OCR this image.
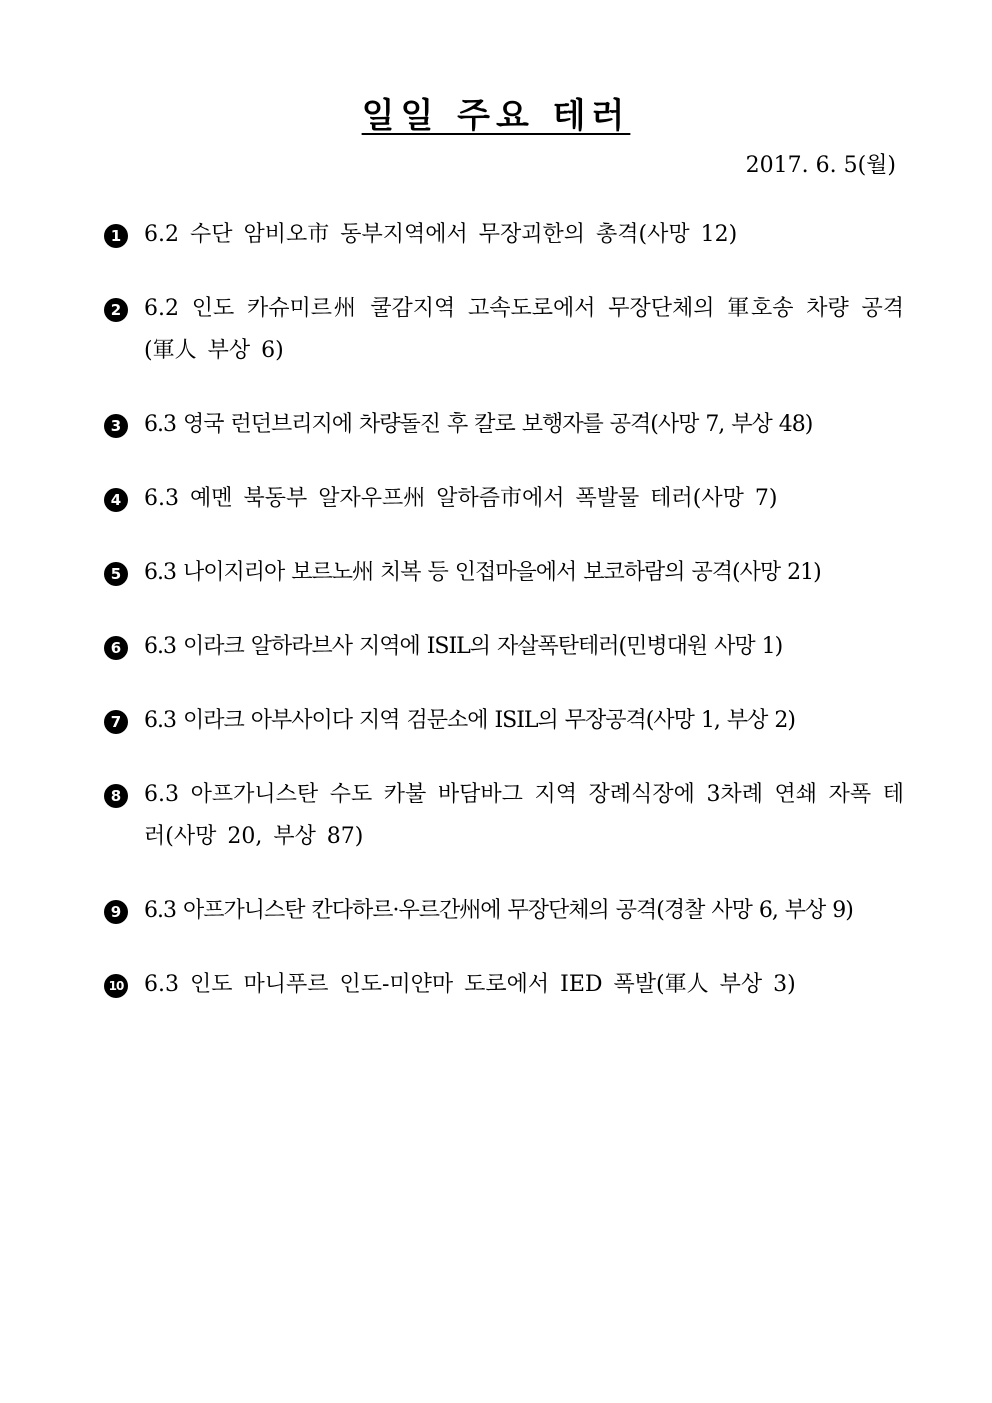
일일 주요 테러

2017. 6. 5(월)

1	6.2 수단 암비오市 동부지역에서 무장괴한의 총격(사망 12)
2	6.2 인도 카슈미르州 쿨감지역 고속도로에서 무장단체의 軍호송 차량 공격(軍人 부상 6)
3	6.3 영국 런던브리지에 차량돌진 후 칼로 보행자를 공격(사망 7, 부상 48)
4	6.3 예멘 북동부 알자우프州 알하즘市에서 폭발물 테러(사망 7)
5	6.3 나이지리아 보르노州 치복 등 인접마을에서 보코하람의 공격(사망 21)
6	6.3 이라크 알하라브사 지역에 ISIL의 자살폭탄테러(민병대원 사망 1)
7	6.3 이라크 아부사이다 지역 검문소에 ISIL의 무장공격(사망 1, 부상 2)
8	6.3 아프가니스탄 수도 카불 바담바그 지역 장례식장에 3차례 연쇄 자폭 테러(사망 20, 부상 87)
9	6.3 아프가니스탄 칸다하르·우르간州에 무장단체의 공격(경찰 사망 6, 부상 9)
10 6.3 인도 마니푸르 인도-미얀마 도로에서 IED 폭발(軍人 부상 3)
